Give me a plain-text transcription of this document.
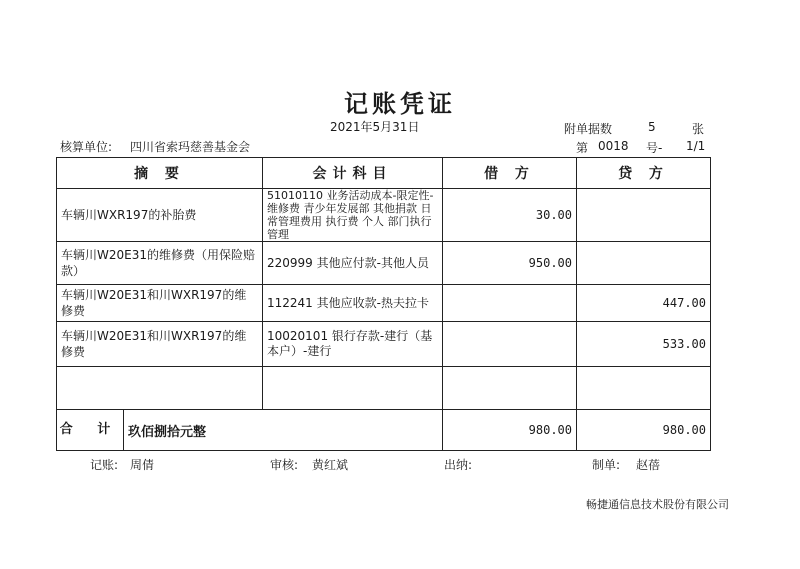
记账凭证
2021年5月31日	附单据数	5	张
第 0018 号- 1/1
核算单位: 四川省索玛慈善基金会
摘 要	会计科目	借 方	贷 方
车辆川WXR197的补胎费	51010110 业务活动成本-限定性-维修费 青少年发展部 其他捐款 日常管理费用 执行费 个人 部门执行管理	30.00	
车辆川W20E31的维修费（用保险赔款）	220999 其他应付款-其他人员	950.00	
车辆川W20E31和川WXR197的维修费	112241 其他应收款-热夫拉卡		447.00
车辆川W20E31和川WXR197的维修费	10020101 银行存款-建行（基本户）-建行		533.00

合 计 玖佰捌拾元整		980.00	980.00
记账: 周倩	审核: 黄红斌	出纳:	制单: 赵蓓
畅捷通信息技术股份有限公司
